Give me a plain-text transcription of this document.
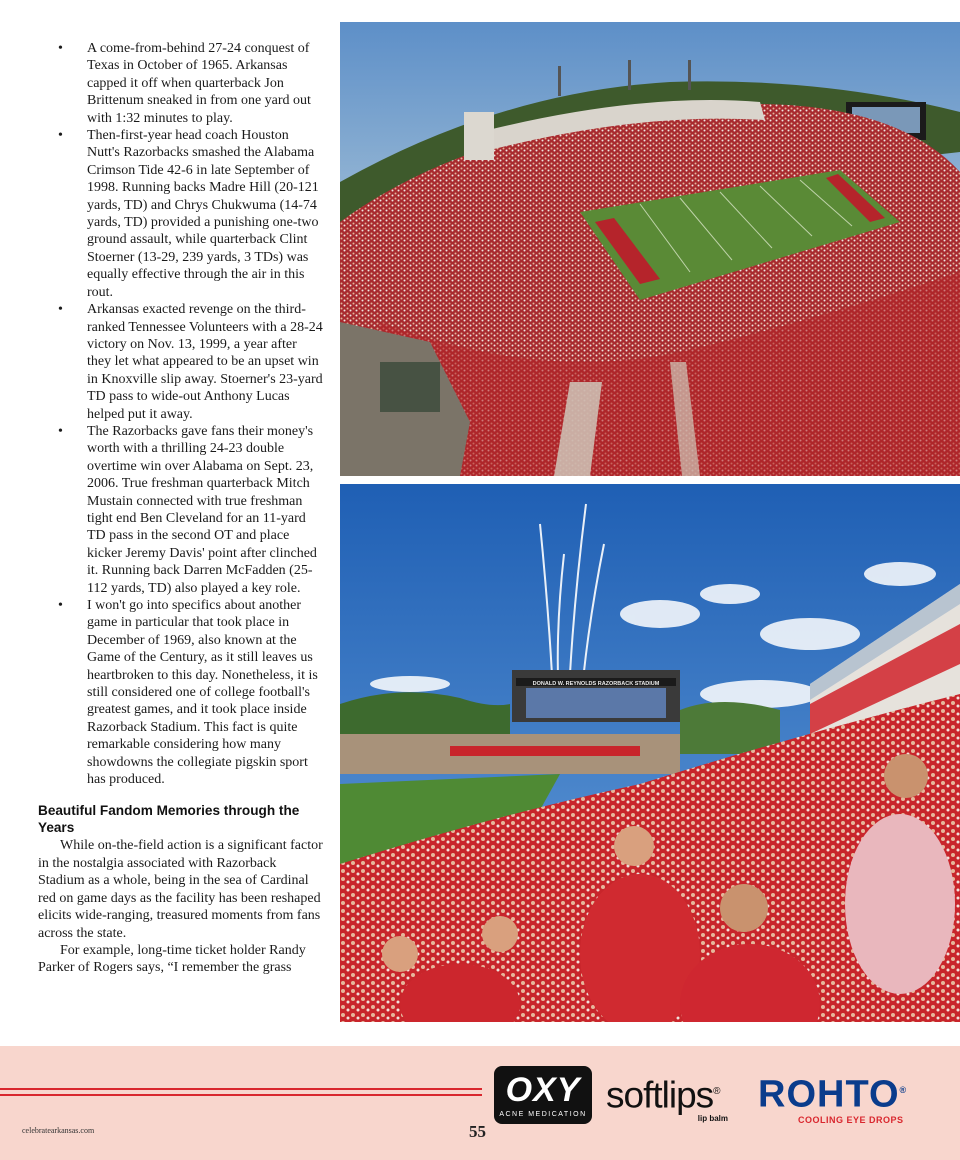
• A come-from-behind 27-24 conquest of Texas in October of 1965. Arkansas capped it off when quarterback Jon Brittenum sneaked in from one yard out with 1:32 minutes to play.
• Then-first-year head coach Houston Nutt's Razorbacks smashed the Alabama Crimson Tide 42-6 in late September of 1998. Running backs Madre Hill (20-121 yards, TD) and Chrys Chukwuma (14-74 yards, TD) provided a punishing one-two ground assault, while quarterback Clint Stoerner (13-29, 239 yards, 3 TDs) was equally effective through the air in this rout.
• Arkansas exacted revenge on the third-ranked Tennessee Volunteers with a 28-24 victory on Nov. 13, 1999, a year after they let what appeared to be an upset win in Knoxville slip away. Stoerner's 23-yard TD pass to wide-out Anthony Lucas helped put it away.
• The Razorbacks gave fans their money's worth with a thrilling 24-23 double overtime win over Alabama on Sept. 23, 2006. True freshman quarterback Mitch Mustain connected with true freshman tight end Ben Cleveland for an 11-yard TD pass in the second OT and place kicker Jeremy Davis' point after clinched it. Running back Darren McFadden (25-112 yards, TD) also played a key role.
• I won't go into specifics about another game in particular that took place in December of 1969, also known at the Game of the Century, as it still leaves us heartbroken to this day. Nonetheless, it is still considered one of college football's greatest games, and it took place inside Razorback Stadium. This fact is quite remarkable considering how many showdowns the collegiate pigskin sport has produced.
Beautiful Fandom Memories through the Years

While on-the-field action is a significant factor in the nostalgia associated with Razorback Stadium as a whole, being in the sea of Cardinal red on game days as the facility has been reshaped elicits wide-ranging, treasured moments from fans across the state.

For example, long-time ticket holder Randy Parker of Rogers says, “I remember the grass

DONALD W. REYNOLDS RAZORBACK STADIUM
celebratearkansas.com	55
OXY
ACNE MEDICATION softlips®
lip balm
ROHTO®
COOLING EYE DROPS
